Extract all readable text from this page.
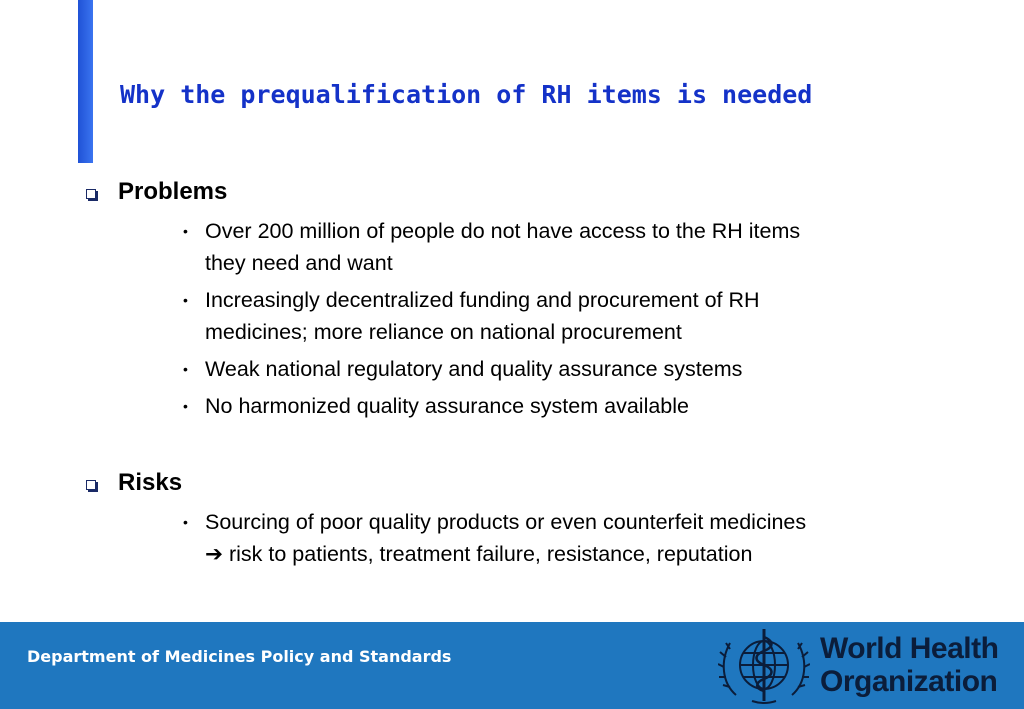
Why the prequalification of RH items is needed
Problems
• Over 200 million of people do not have access to the RH items
they need and want
• Increasingly decentralized funding and procurement of RH
medicines; more reliance on national procurement
• Weak national regulatory and quality assurance systems
• No harmonized quality assurance system available
Risks
• Sourcing of poor quality products or even counterfeit medicines
➔ risk to patients, treatment failure, resistance, reputation
Department of Medicines Policy and Standards	World Health
Organization
